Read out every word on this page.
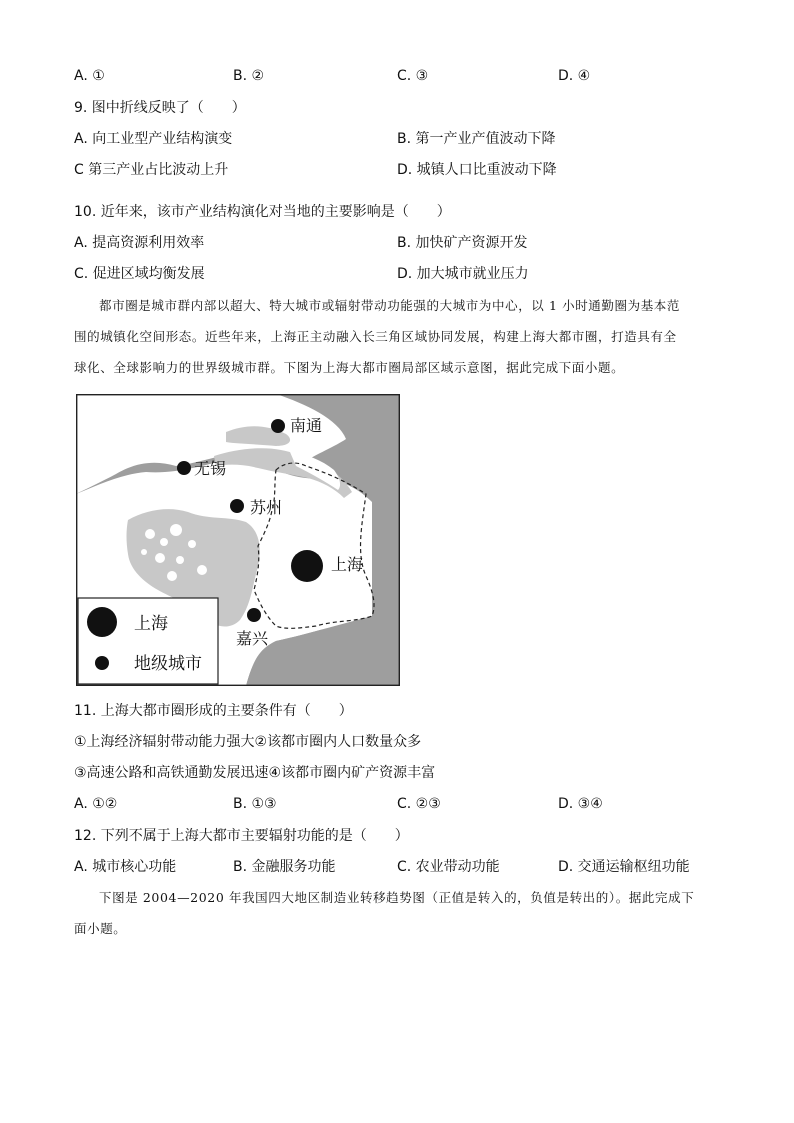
A. ①	B. ②	C. ③	D. ④
9. 图中折线反映了（　　）
A. 向工业型产业结构演变	B. 第一产业产值波动下降
C 第三产业占比波动上升	D. 城镇人口比重波动下降
10. 近年来，该市产业结构演化对当地的主要影响是（　　）
A. 提高资源利用效率	B. 加快矿产资源开发
C. 促进区域均衡发展	D. 加大城市就业压力
都市圈是城市群内部以超大、特大城市或辐射带动功能强的大城市为中心，以 1 小时通勤圈为基本范
围的城镇化空间形态。近些年来，上海正主动融入长三角区域协同发展，构建上海大都市圈，打造具有全
球化、全球影响力的世界级城市群。下图为上海大都市圈局部区域示意图，据此完成下面小题。
南通
无锡
苏州
上海
嘉兴
上海
地级城市
11. 上海大都市圈形成的主要条件有（　　）
①上海经济辐射带动能力强大②该都市圈内人口数量众多
③高速公路和高铁通勤发展迅速④该都市圈内矿产资源丰富
A. ①②	B. ①③	C. ②③	D. ③④
12. 下列不属于上海大都市主要辐射功能的是（　　）
A. 城市核心功能	B. 金融服务功能	C. 农业带动功能	D. 交通运输枢纽功能
下图是 2004—2020 年我国四大地区制造业转移趋势图（正值是转入的，负值是转出的）。据此完成下
面小题。
